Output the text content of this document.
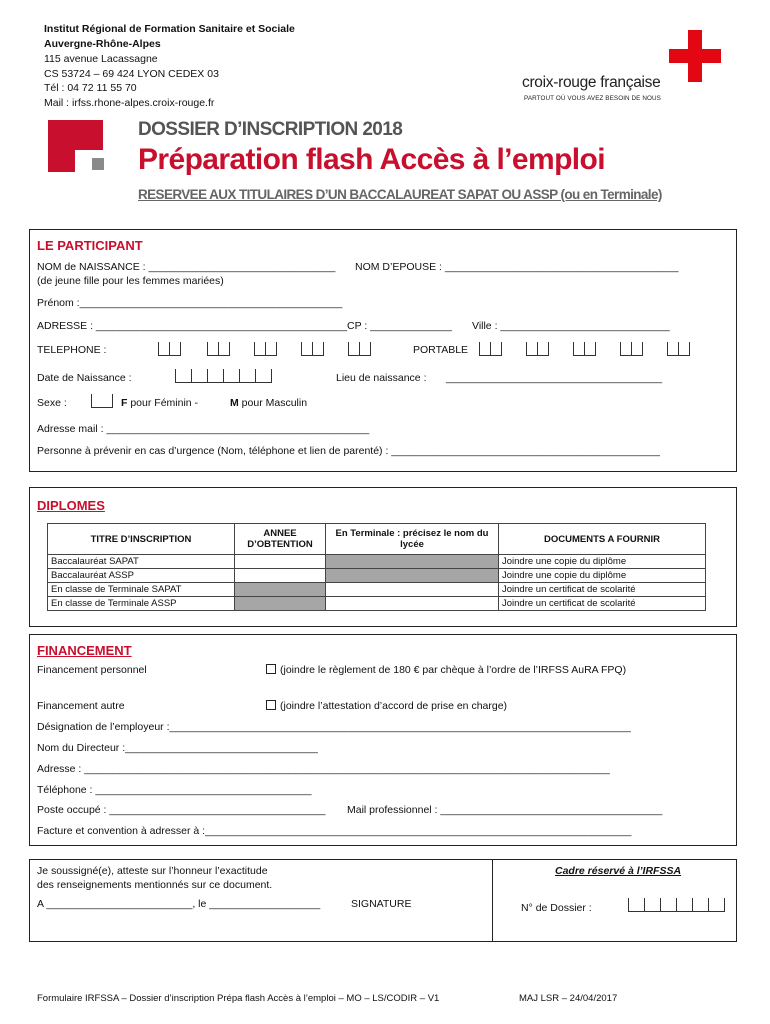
Institut Régional de Formation Sanitaire et Sociale
Auvergne-Rhône-Alpes
115 avenue Lacassagne
CS 53724 – 69 424 LYON CEDEX 03
Tél : 04 72 11 55 70
Mail : irfss.rhone-alpes.croix-rouge.fr
croix-rouge française
PARTOUT OÙ VOUS AVEZ BESOIN DE NOUS
DOSSIER D’INSCRIPTION 2018
Préparation flash Accès à l’emploi
RESERVEE AUX TITULAIRES D’UN BACCALAUREAT SAPAT OU ASSP (ou en Terminale)
LE PARTICIPANT
NOM de NAISSANCE : ________________________________ NOM D’EPOUSE : ________________________________________
(de jeune fille pour les femmes mariées)
Prénom :_____________________________________________
ADRESSE : ___________________________________________CP : ______________ Ville : _____________________________
TELEPHONE :	PORTABLE
Date de Naissance :	Lieu de naissance : _____________________________________
Sexe :	F pour Féminin -	M pour Masculin
Adresse mail : _____________________________________________
Personne à prévenir en cas d’urgence (Nom, téléphone et lien de parenté) : ______________________________________________
DIPLOMES
TITRE D’INSCRIPTION	ANNEE D’OBTENTION	En Terminale : précisez le nom du lycée	DOCUMENTS A FOURNIR
Baccalauréat SAPAT			Joindre une copie du diplôme
Baccalauréat ASSP			Joindre une copie du diplôme
En classe de Terminale SAPAT			Joindre un certificat de scolarité
En classe de Terminale ASSP			Joindre un certificat de scolarité
FINANCEMENT
Financement personnel	(joindre le règlement de 180 € par chèque à l’ordre de l’IRFSS AuRA FPQ)
Financement autre	(joindre l’attestation d’accord de prise en charge)
Désignation de l’employeur :_______________________________________________________________________________
Nom du Directeur :_________________________________
Adresse : __________________________________________________________________________________________
Téléphone : _____________________________________
Poste occupé : _____________________________________ Mail professionnel : ______________________________________
Facture et convention à adresser à :_________________________________________________________________________
Je soussigné(e), atteste sur l’honneur l’exactitude
des renseignements mentionnés sur ce document.
A _________________________, le ___________________	SIGNATURE
Cadre réservé à l’IRFSSA
N° de Dossier :
Formulaire IRFSSA – Dossier d’inscription Prépa flash Accès à l’emploi – MO – LS/CODIR – V1	MAJ LSR – 24/04/2017
